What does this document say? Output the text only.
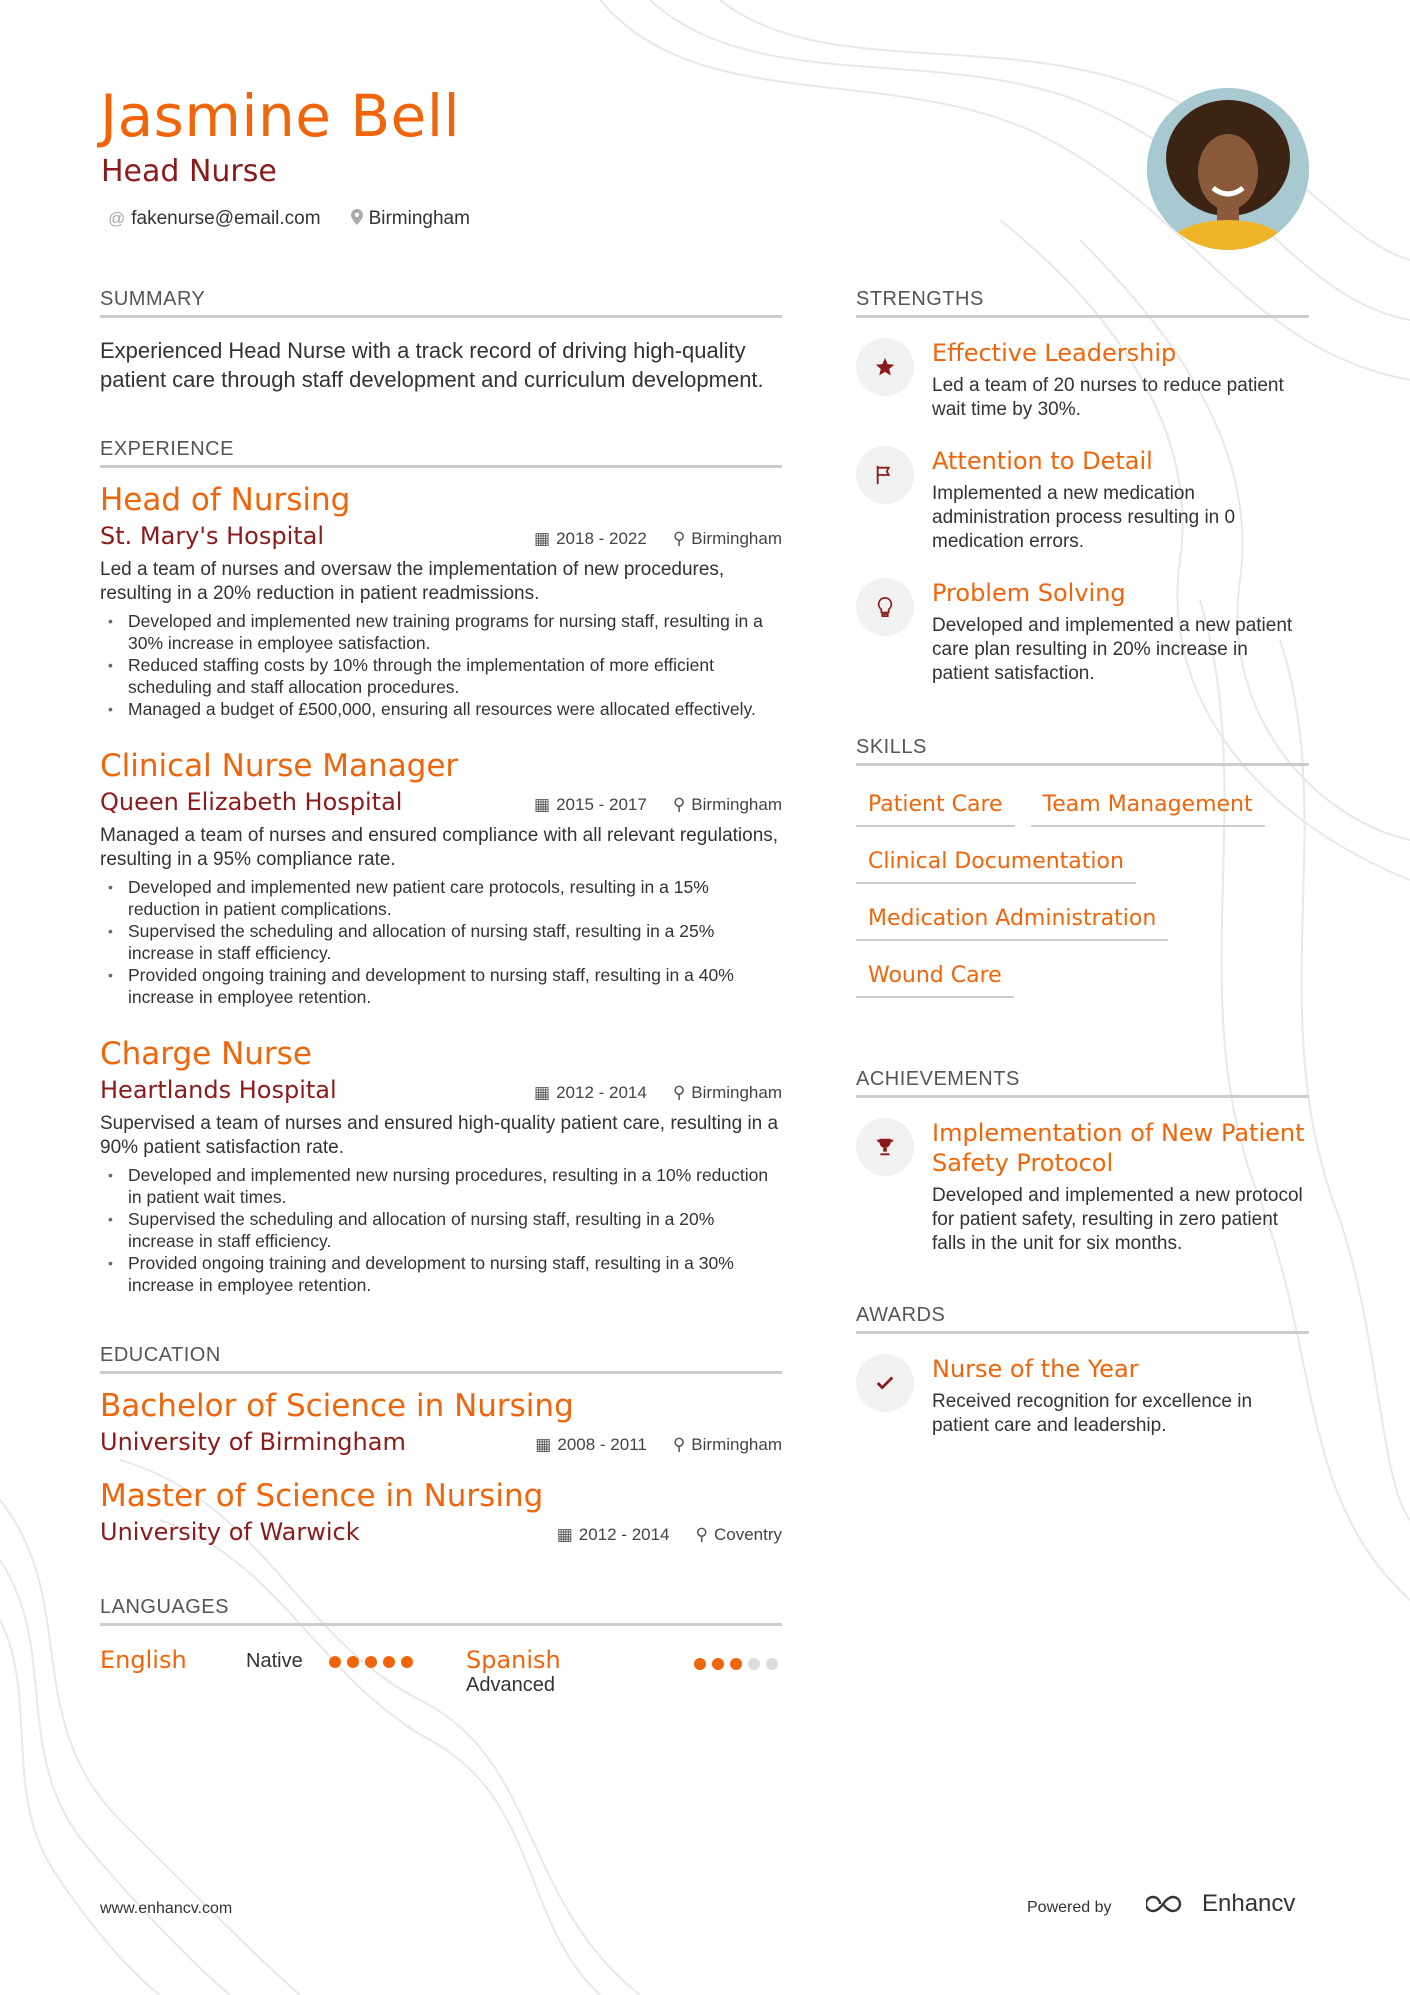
Jasmine Bell
Head Nurse
@ fakenurse@email.com	Birmingham
SUMMARY
Experienced Head Nurse with a track record of driving high-quality patient care through staff development and curriculum development.
EXPERIENCE
Head of Nursing
St. Mary's Hospital	▦ 2018 - 2022 ⚲ Birmingham
Led a team of nurses and oversaw the implementation of new procedures, resulting in a 20% reduction in patient readmissions.
• Developed and implemented new training programs for nursing staff, resulting in a 30% increase in employee satisfaction.
• Reduced staffing costs by 10% through the implementation of more efficient scheduling and staff allocation procedures.
• Managed a budget of £500,000, ensuring all resources were allocated effectively.
Clinical Nurse Manager
Queen Elizabeth Hospital	▦ 2015 - 2017 ⚲ Birmingham
Managed a team of nurses and ensured compliance with all relevant regulations, resulting in a 95% compliance rate.
• Developed and implemented new patient care protocols, resulting in a 15% reduction in patient complications.
• Supervised the scheduling and allocation of nursing staff, resulting in a 25% increase in staff efficiency.
• Provided ongoing training and development to nursing staff, resulting in a 40% increase in employee retention.
Charge Nurse
Heartlands Hospital	▦ 2012 - 2014 ⚲ Birmingham
Supervised a team of nurses and ensured high-quality patient care, resulting in a 90% patient satisfaction rate.
• Developed and implemented new nursing procedures, resulting in a 10% reduction in patient wait times.
• Supervised the scheduling and allocation of nursing staff, resulting in a 20% increase in staff efficiency.
• Provided ongoing training and development to nursing staff, resulting in a 30% increase in employee retention.
EDUCATION
Bachelor of Science in Nursing
University of Birmingham	▦ 2008 - 2011 ⚲ Birmingham
Master of Science in Nursing
University of Warwick	▦ 2012 - 2014 ⚲ Coventry
LANGUAGES
English	Native	Spanish
Advanced
STRENGTHS
Effective Leadership
Led a team of 20 nurses to reduce patient wait time by 30%.
Attention to Detail
Implemented a new medication administration process resulting in 0 medication errors.
Problem Solving
Developed and implemented a new patient care plan resulting in 20% increase in patient satisfaction.
SKILLS
Patient Care	Team Management
Clinical Documentation
Medication Administration
Wound Care
ACHIEVEMENTS
Implementation of New Patient Safety Protocol
Developed and implemented a new protocol for patient safety, resulting in zero patient falls in the unit for six months.
AWARDS
Nurse of the Year
Received recognition for excellence in patient care and leadership.
www.enhancv.com	Powered by	Enhancv
